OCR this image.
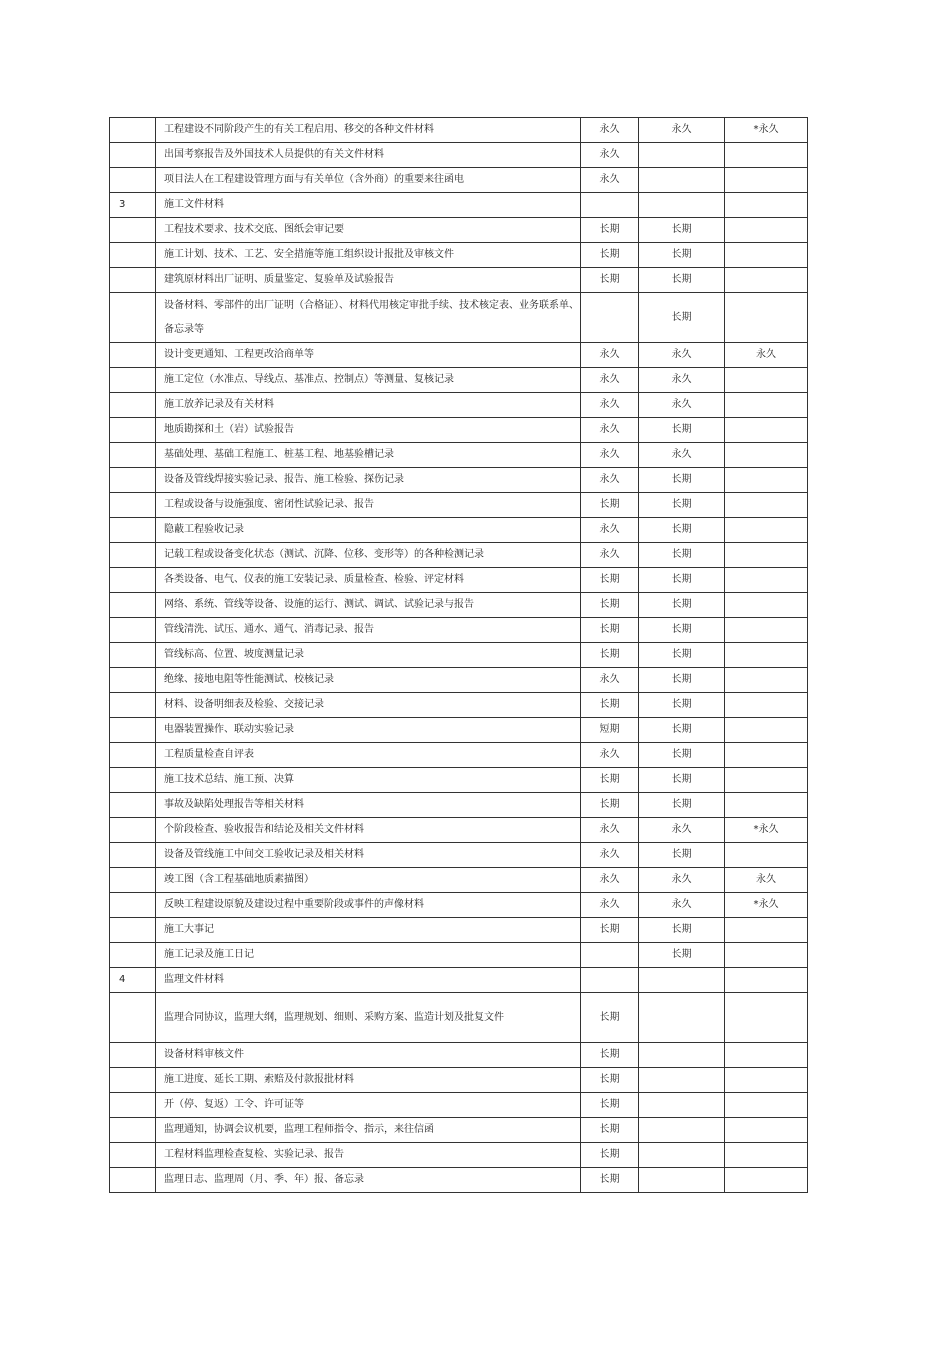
	工程建设不同阶段产生的有关工程启用、移交的各种文件材料	永久	永久	*永久
	出国考察报告及外国技术人员提供的有关文件材料	永久		
	项目法人在工程建设管理方面与有关单位（含外商）的重要来往函电	永久		
3	施工文件材料			
	工程技术要求、技术交底、图纸会审记要	长期	长期	
	施工计划、技术、工艺、安全措施等施工组织设计报批及审核文件	长期	长期	
	建筑原材料出厂证明、质量鉴定、复验单及试验报告	长期	长期	
	设备材料、零部件的出厂证明（合格证）、材料代用核定审批手续、技术核定表、业务联系单、备忘录等		长期	
	设计变更通知、工程更改洽商单等	永久	永久	永久
	施工定位（水准点、导线点、基准点、控制点）等测量、复核记录	永久	永久	
	施工放养记录及有关材料	永久	永久	
	地质勘探和土（岩）试验报告	永久	长期	
	基础处理、基础工程施工、桩基工程、地基验槽记录	永久	永久	
	设备及管线焊接实验记录、报告、施工检验、探伤记录	永久	长期	
	工程或设备与设施强度、密闭性试验记录、报告	长期	长期	
	隐蔽工程验收记录	永久	长期	
	记载工程或设备变化状态（测试、沉降、位移、变形等）的各种检测记录	永久	长期	
	各类设备、电气、仪表的施工安装记录、质量检查、检验、评定材料	长期	长期	
	网络、系统、管线等设备、设施的运行、测试、调试、试验记录与报告	长期	长期	
	管线清洗、试压、通水、通气、消毒记录、报告	长期	长期	
	管线标高、位置、坡度测量记录	长期	长期	
	绝缘、接地电阻等性能测试、校核记录	永久	长期	
	材料、设备明细表及检验、交接记录	长期	长期	
	电器装置操作、联动实验记录	短期	长期	
	工程质量检查自评表	永久	长期	
	施工技术总结、施工预、决算	长期	长期	
	事故及缺陷处理报告等相关材料	长期	长期	
	个阶段检查、验收报告和结论及相关文件材料	永久	永久	*永久
	设备及管线施工中间交工验收记录及相关材料	永久	长期	
	竣工图（含工程基础地质素描图）	永久	永久	永久
	反映工程建设原貌及建设过程中重要阶段或事件的声像材料	永久	永久	*永久
	施工大事记	长期	长期	
	施工记录及施工日记		长期	
4	监理文件材料			
	监理合同协议，监理大纲，监理规划、细则、采购方案、监造计划及批复文件	长期		
	设备材料审核文件	长期		
	施工进度、延长工期、索赔及付款报批材料	长期		
	开（停、复返）工令、许可证等	长期		
	监理通知，协调会议机要，监理工程师指令、指示，来往信函	长期		
	工程材料监理检查复检、实验记录、报告	长期		
	监理日志、监理周（月、季、年）报、备忘录	长期		
